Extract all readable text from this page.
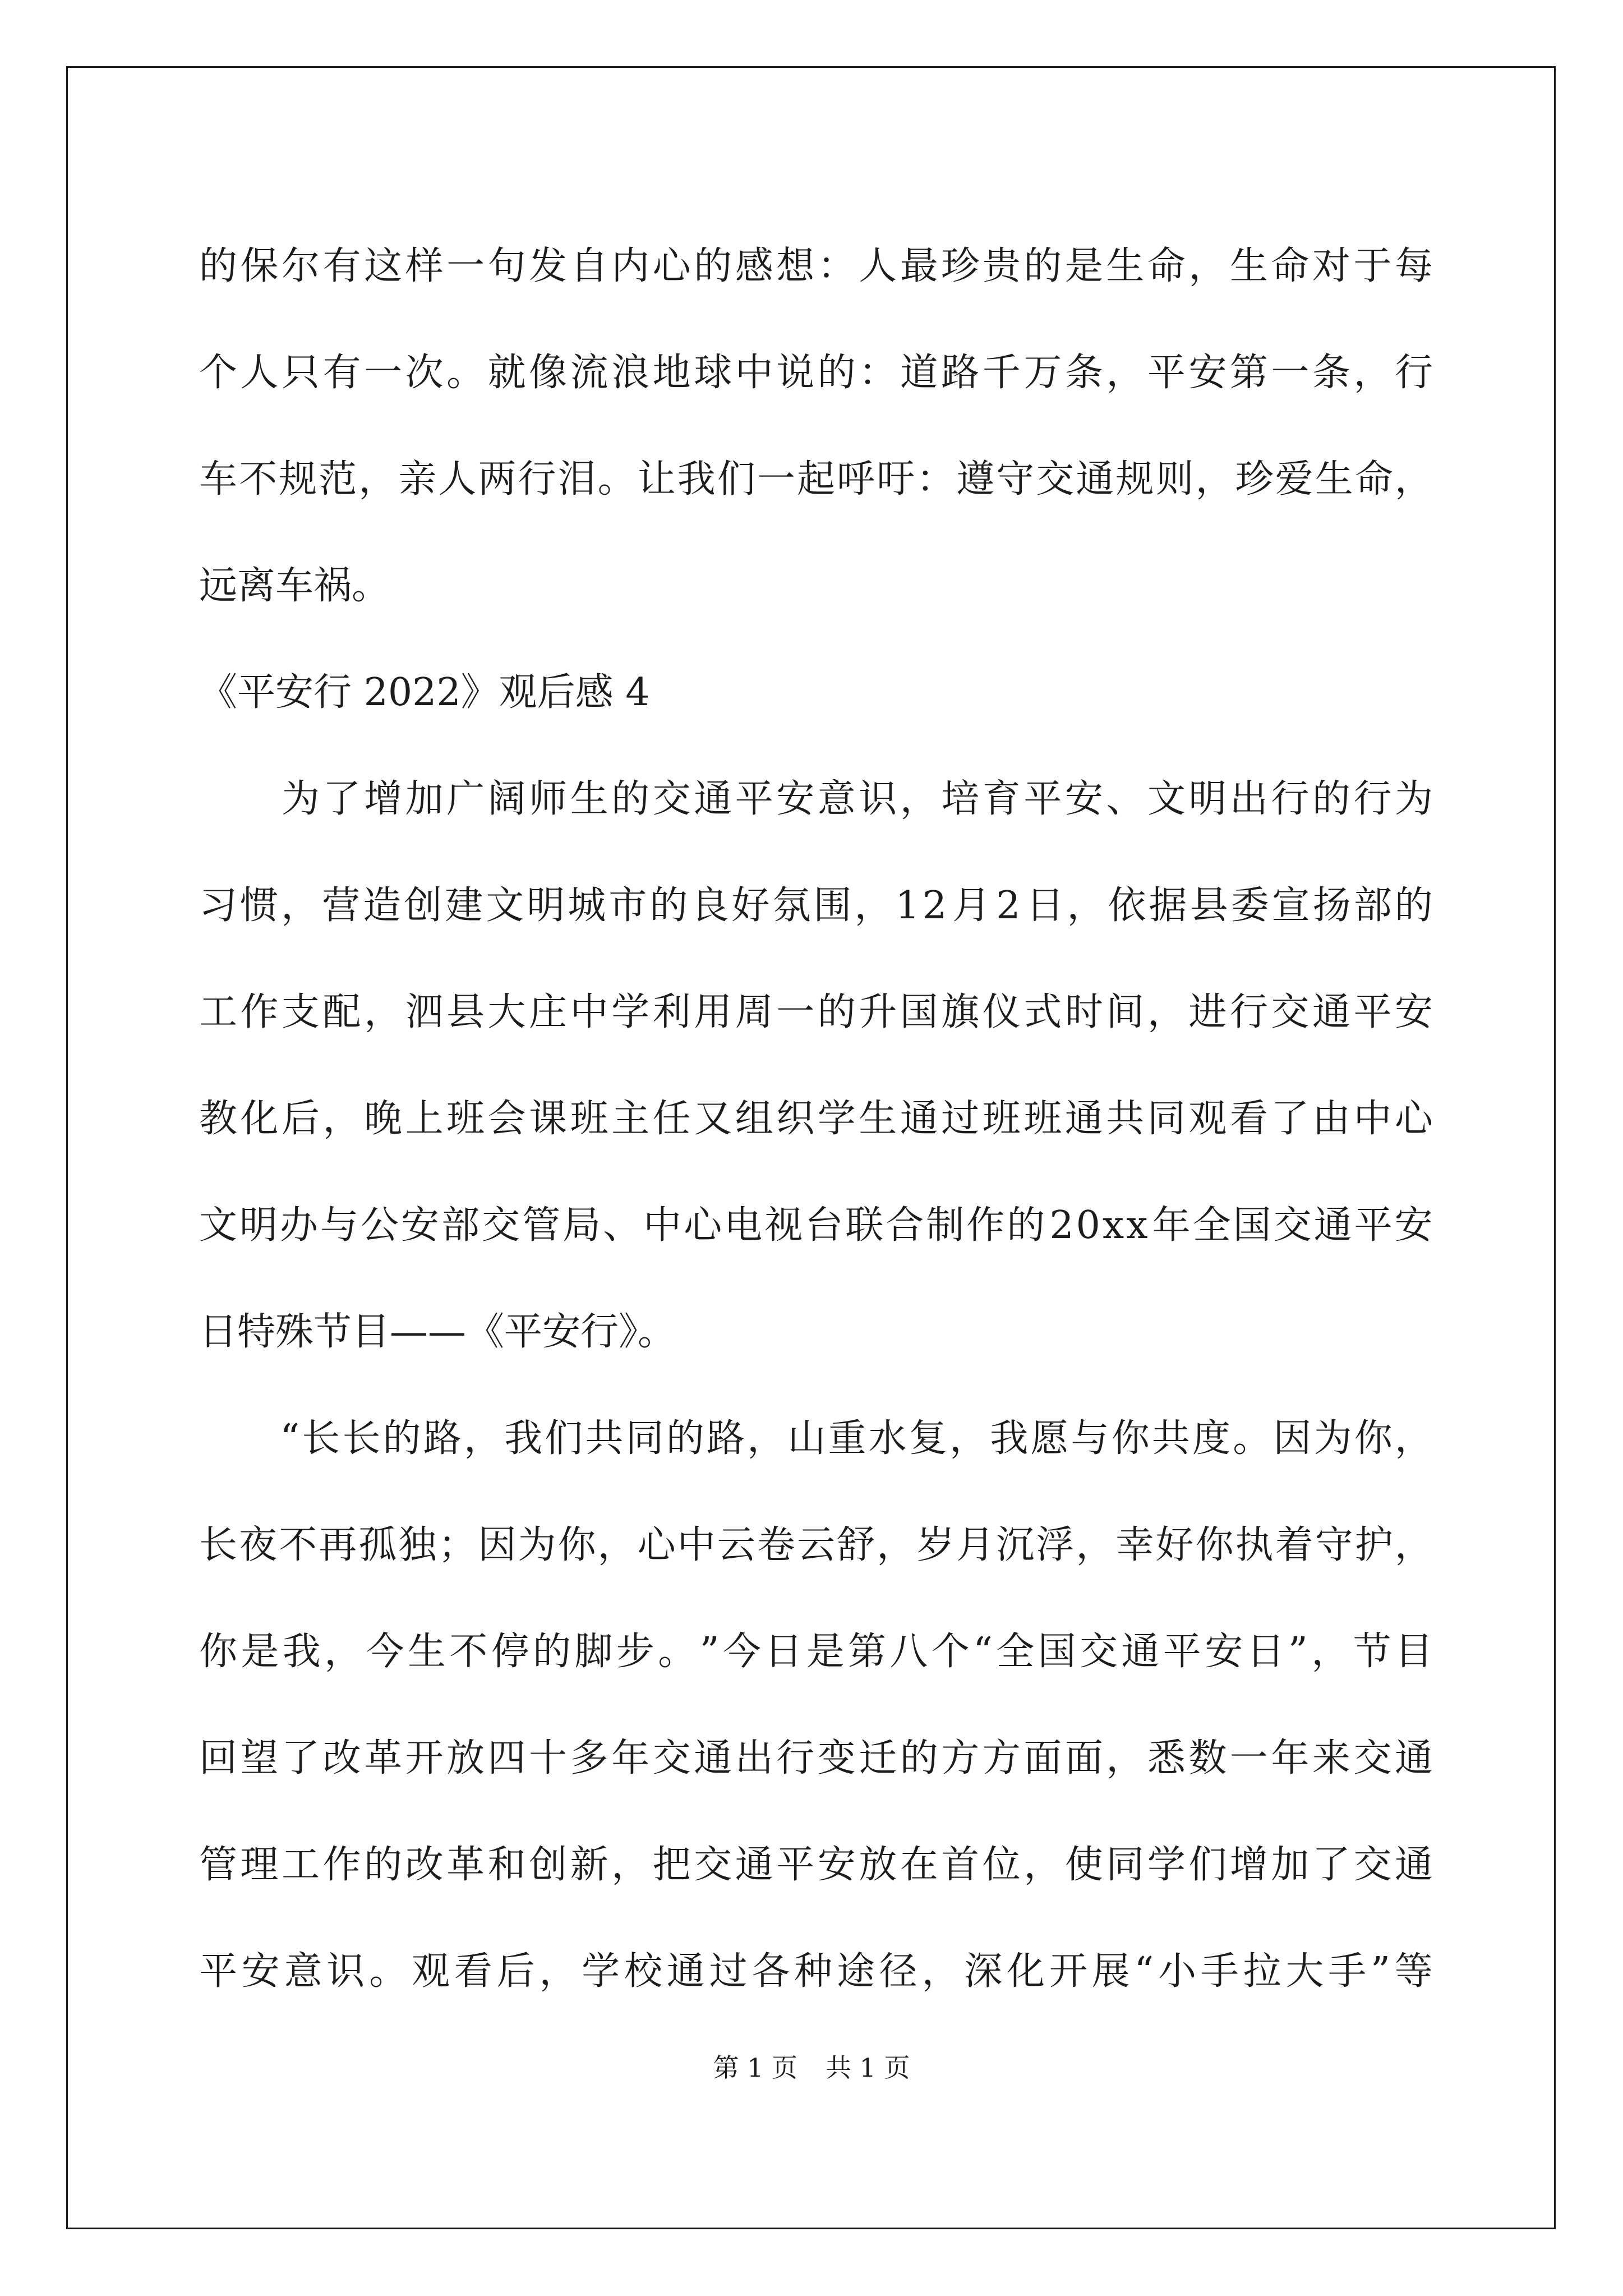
的 保 尔 有 这 样 一 句 发 自 内 心 的 感 想 ： 人 最 珍 贵 的 是 生 命 ， 生 命 对 于 每
个 人 只 有 一 次 。 就 像 流 浪 地 球 中 说 的 ： 道 路 千 万 条 ， 平 安 第 一 条 ， 行
车 不 规 范 ， 亲 人 两 行 泪 。 让 我 们 一 起 呼 吁 ： 遵 守 交 通 规 则 ， 珍 爱 生 命 ，
远离车祸。
《平安行 2022》观后感 4

为 了 增 加 广 阔 师 生 的 交 通 平 安 意 识 ， 培 育 平 安 、 文 明 出 行 的 行 为
习 惯 ， 营 造 创 建 文 明 城 市 的 良 好 氛 围 ， 1 2 月 2 日 ， 依 据 县 委 宣 扬 部 的
工 作 支 配 ， 泗 县 大 庄 中 学 利 用 周 一 的 升 国 旗 仪 式 时 间 ， 进 行 交 通 平 安
教 化 后 ， 晚 上 班 会 课 班 主 任 又 组 织 学 生 通 过 班 班 通 共 同 观 看 了 由 中 心
文 明 办 与 公 安 部 交 管 局 、 中 心 电 视 台 联 合 制 作 的 2 0 x x 年 全 国 交 通 平 安
日特殊节目——《平安行》。

“ 长 长 的 路 ， 我 们 共 同 的 路 ， 山 重 水 复 ， 我 愿 与 你 共 度 。 因 为 你 ，
长 夜 不 再 孤 独 ； 因 为 你 ， 心 中 云 卷 云 舒 ， 岁 月 沉 浮 ， 幸 好 你 执 着 守 护 ，
你 是 我 ， 今 生 不 停 的 脚 步 。 ” 今 日 是 第 八 个 “ 全 国 交 通 平 安 日 ” ， 节 目
回 望 了 改 革 开 放 四 十 多 年 交 通 出 行 变 迁 的 方 方 面 面 ， 悉 数 一 年 来 交 通
管 理 工 作 的 改 革 和 创 新 ， 把 交 通 平 安 放 在 首 位 ， 使 同 学 们 增 加 了 交 通
平 安 意 识 。 观 看 后 ， 学 校 通 过 各 种 途 径 ， 深 化 开 展 “ 小 手 拉 大 手 ” 等
第 1 页 共 1 页
